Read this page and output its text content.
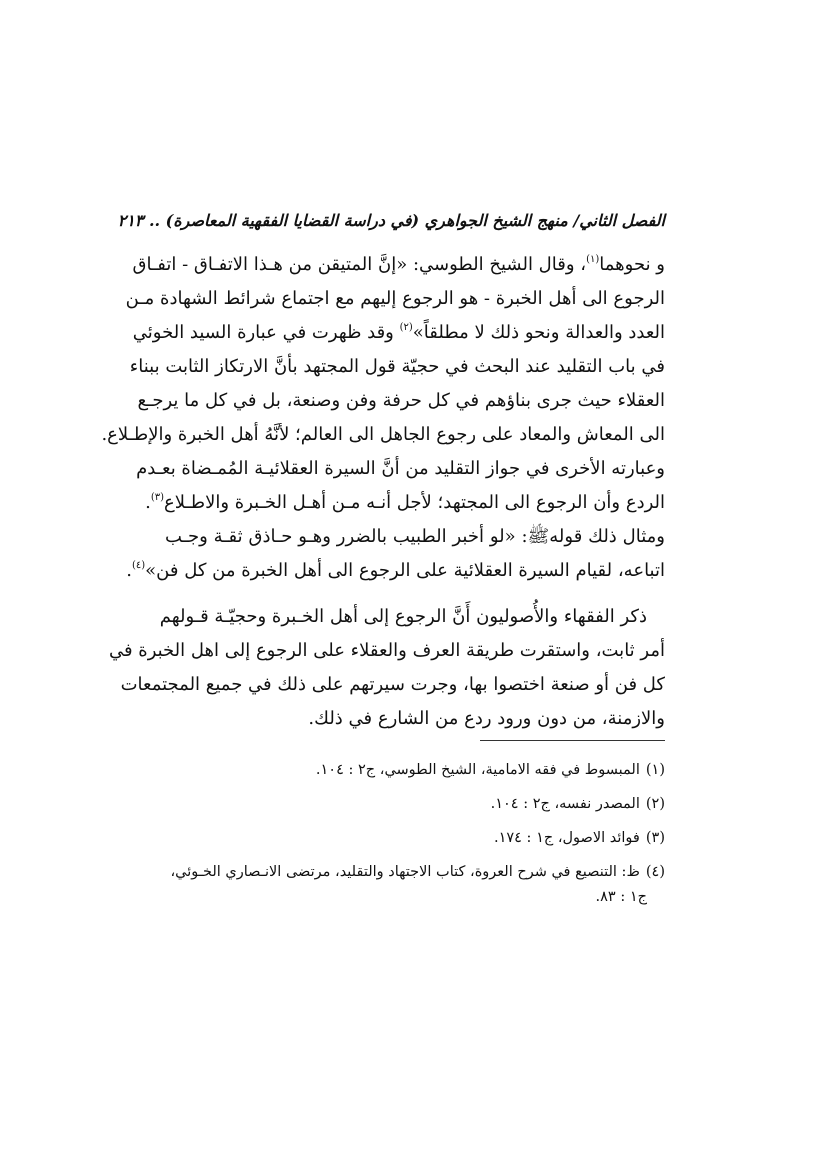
الفصل الثاني/ منهج الشيخ الجواهري (في دراسة القضايا الفقهية المعاصرة) .. ٢١٣
و نحوهما$^{(١)}$، وقال الشيخ الطوسي: «إنَّ المتيقن من هـذا الاتفـاق - اتفـاق
الرجوع الى أهل الخبرة - هو الرجوع إليهم مع اجتماع شرائط الشهادة مـن
العدد والعدالة ونحو ذلك لا مطلقاً»$^{(٢)}$ وقد ظهرت في عبارة السيد الخوئي
في باب التقليد عند البحث في حجيّة قول المجتهد بأنَّ الارتكاز الثابت ببناء
العقلاء حيث جرى بناؤهم في كل حرفة وفن وصنعة، بل في كل ما يرجـع
الى المعاش والمعاد على رجوع الجاهل الى العالم؛ لأنَّهُ أهل الخبرة والإطـلاع.
وعبارته الأخرى في جواز التقليد من أنَّ السيرة العقلائيـة المُمـضاة بعـدم
الردع وأن الرجوع الى المجتهد؛ لأجل أنـه مـن أهـل الخـبرة والاطـلاع$^{(٣)}$.
ومثال ذلك قولهﷺ: «لو أخبر الطبيب بالضرر وهـو حـاذق ثقـة وجـب
اتباعه، لقيام السيرة العقلائية على الرجوع الى أهل الخبرة من كل فن»$^{(٤)}$.
ذكر الفقهاء والأُصوليون أَنَّ الرجوع إلى أهل الخـبرة وحجيّـة قـولهم
أمر ثابت، واستقرت طريقة العرف والعقلاء على الرجوع إلى اهل الخبرة في
كل فن أو صنعة اختصوا بها، وجرت سيرتهم على ذلك في جميع المجتمعات
والازمنة، من دون ورود ردع من الشارع في ذلك.
(١)المبسوط في فقه الامامية، الشيخ الطوسي، ج٢ : ١٠٤.
(٢)المصدر نفسه، ج٢ : ١٠٤.
(٣)فوائد الاصول، ج١ : ١٧٤.
(٤)ظ: التنصيع في شرح العروة، كتاب الاجتهاد والتقليد، مرتضى الانـصاري الخـوئي،
ج١ : ٨٣.
